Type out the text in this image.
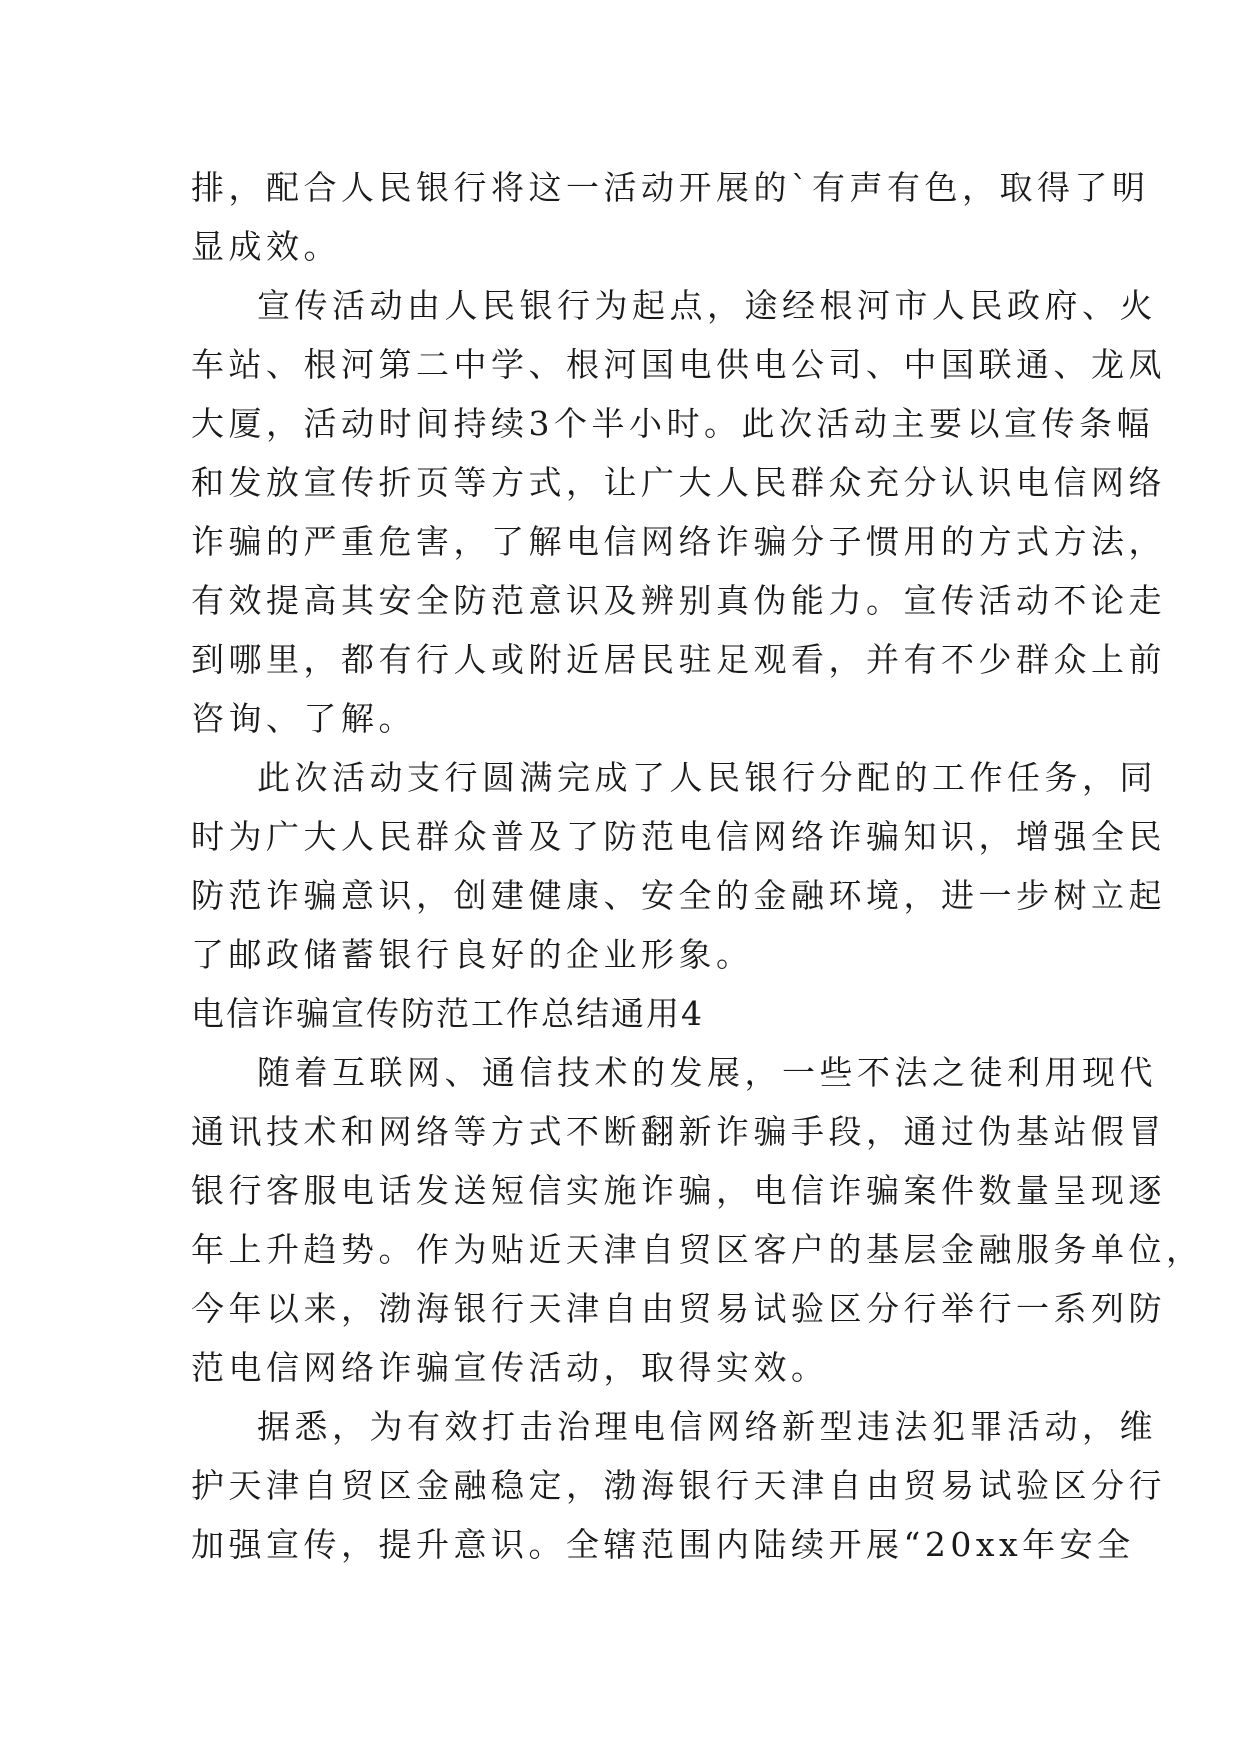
排，配合人民银行将这一活动开展的`有声有色，取得了明
显成效。
宣传活动由人民银行为起点，途经根河市人民政府、火
车站、根河第二中学、根河国电供电公司、中国联通、龙凤
大厦，活动时间持续3个半小时。此次活动主要以宣传条幅
和发放宣传折页等方式，让广大人民群众充分认识电信网络
诈骗的严重危害，了解电信网络诈骗分子惯用的方式方法，
有效提高其安全防范意识及辨别真伪能力。宣传活动不论走
到哪里，都有行人或附近居民驻足观看，并有不少群众上前
咨询、了解。
此次活动支行圆满完成了人民银行分配的工作任务，同
时为广大人民群众普及了防范电信网络诈骗知识，增强全民
防范诈骗意识，创建健康、安全的金融环境，进一步树立起
了邮政储蓄银行良好的企业形象。
电信诈骗宣传防范工作总结通用4
随着互联网、通信技术的发展，一些不法之徒利用现代
通讯技术和网络等方式不断翻新诈骗手段，通过伪基站假冒
银行客服电话发送短信实施诈骗，电信诈骗案件数量呈现逐
年上升趋势。作为贴近天津自贸区客户的基层金融服务单位，
今年以来，渤海银行天津自由贸易试验区分行举行一系列防
范电信网络诈骗宣传活动，取得实效。
据悉，为有效打击治理电信网络新型违法犯罪活动，维
护天津自贸区金融稳定，渤海银行天津自由贸易试验区分行
加强宣传，提升意识。全辖范围内陆续开展“20xx年安全
